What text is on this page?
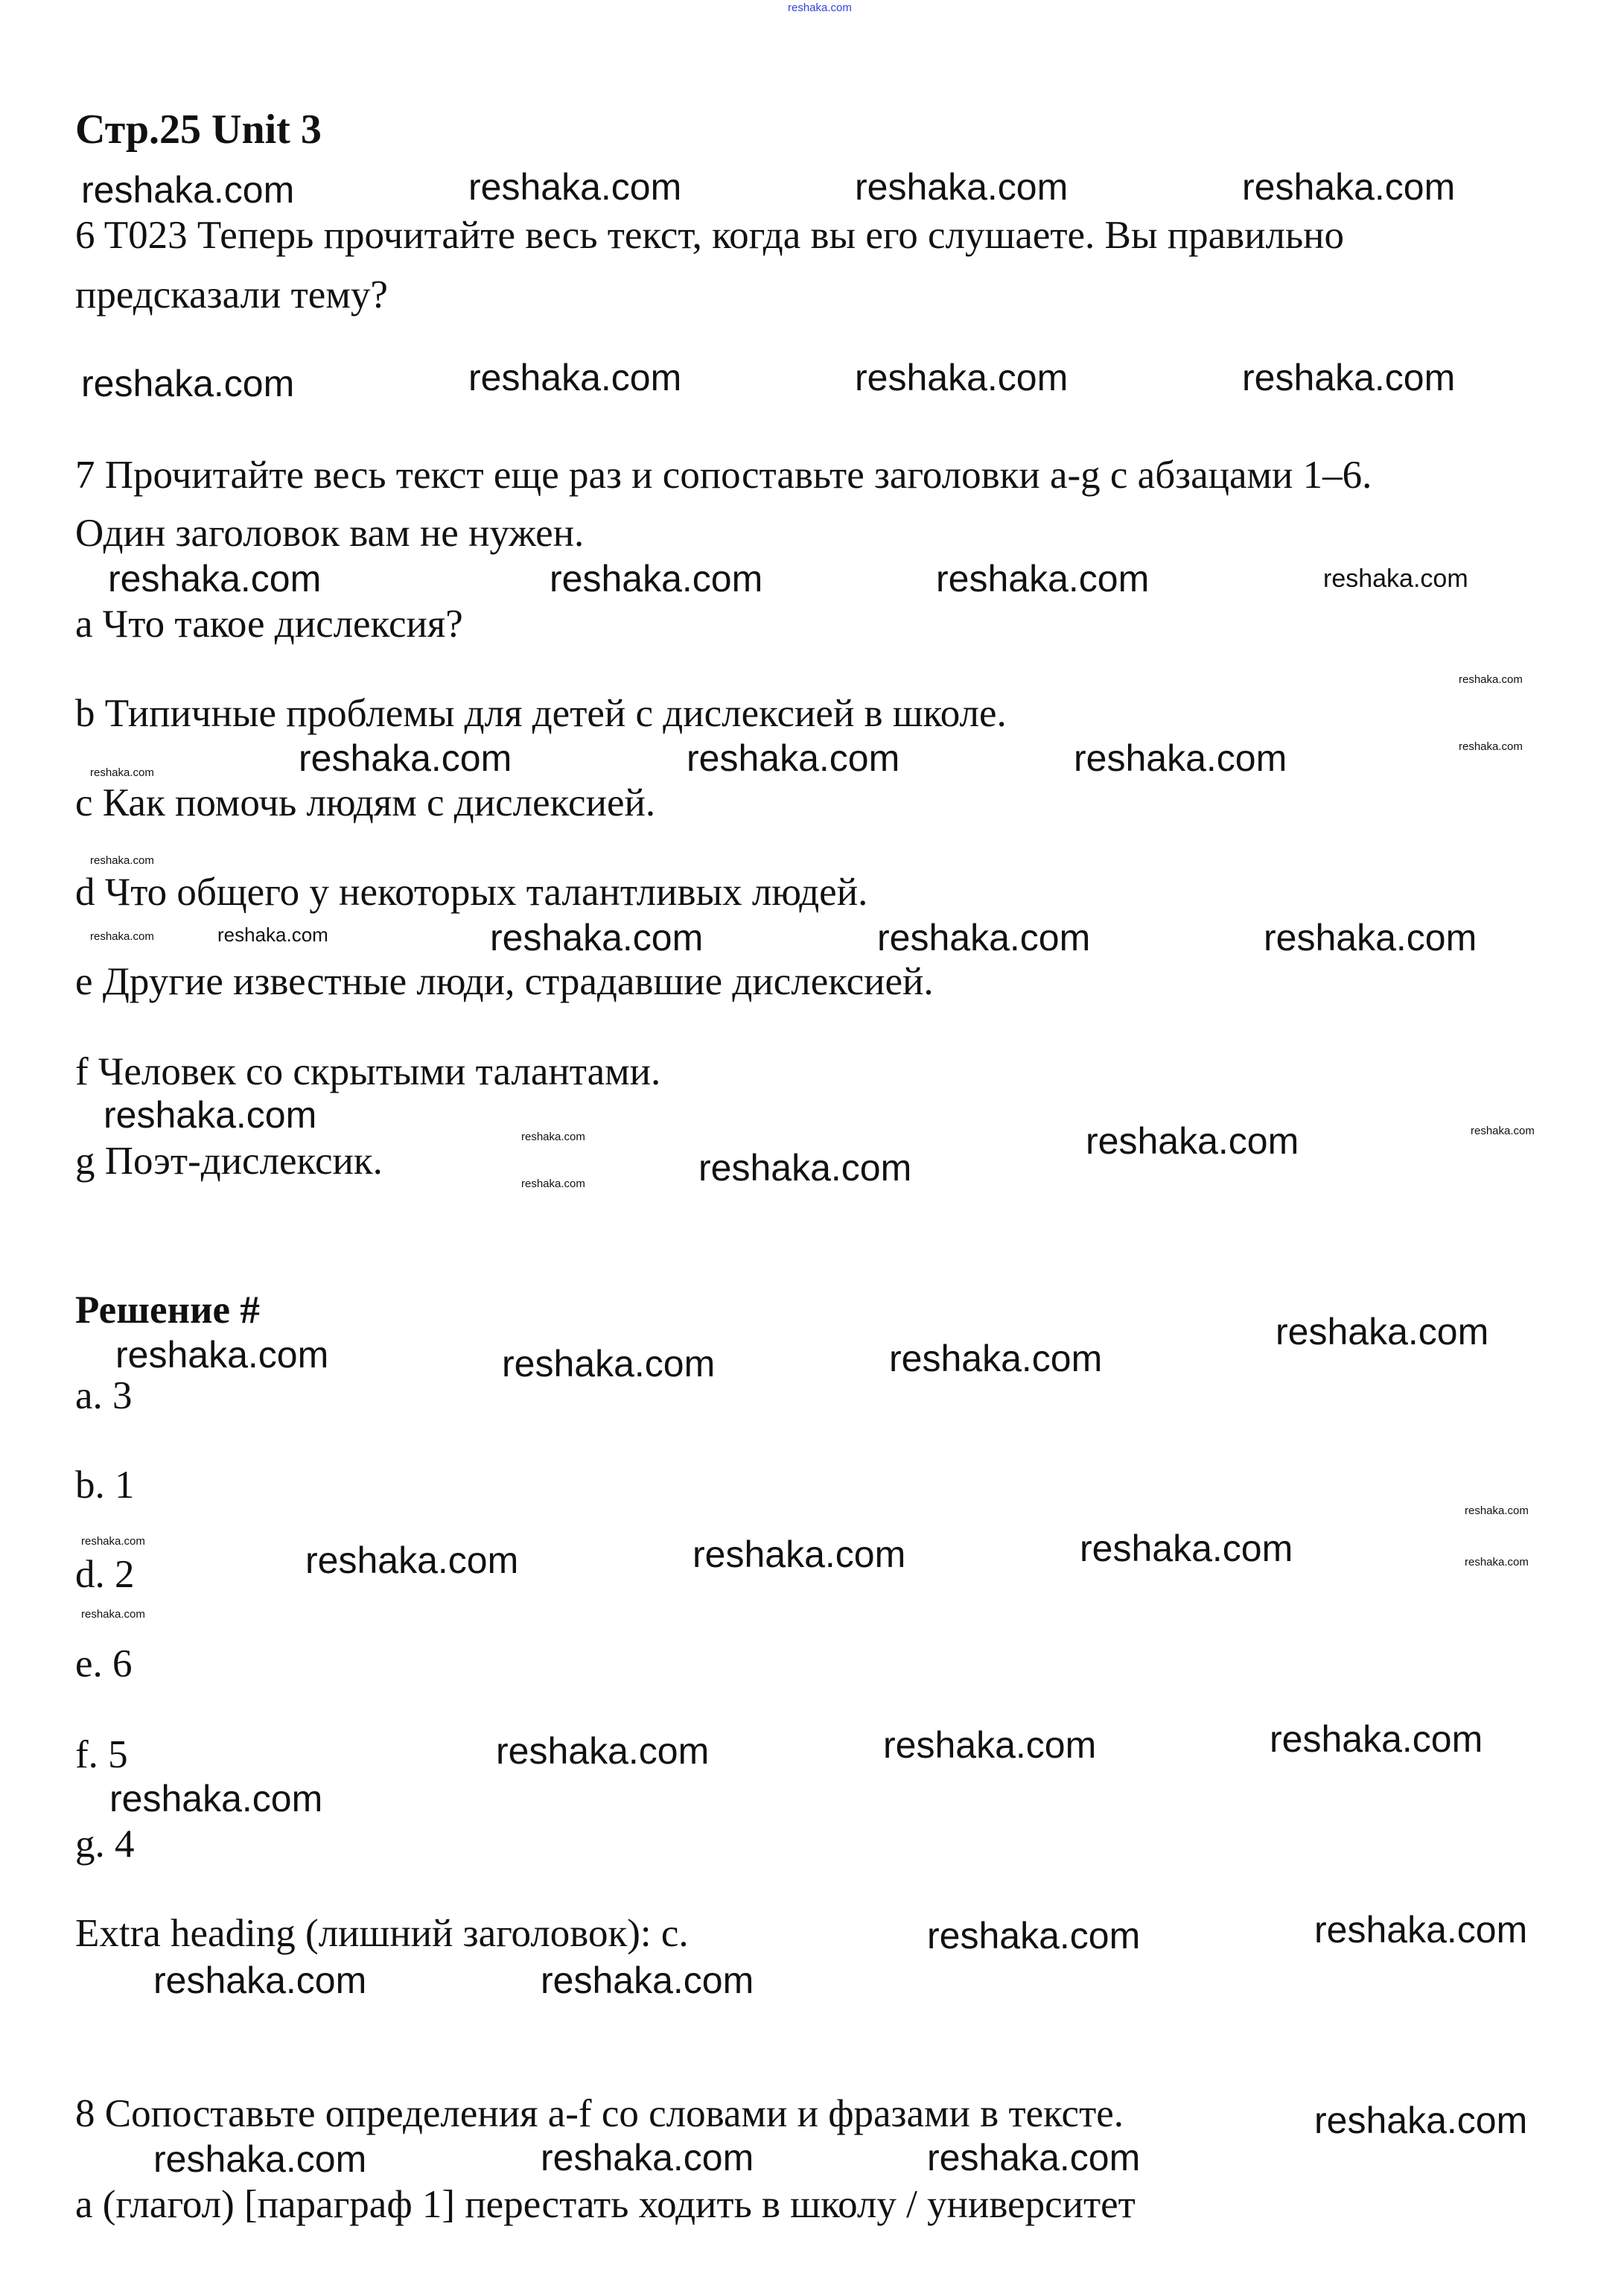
reshaka.com
Стр.25 Unit 3
6 T023 Теперь прочитайте весь текст, когда вы его слушаете. Вы правильно
предсказали тему?
7 Прочитайте весь текст еще раз и сопоставьте заголовки a-g с абзацами 1–6.
Один заголовок вам не нужен.
a Что такое дислексия?
b Типичные проблемы для детей с дислексией в школе.
c Как помочь людям с дислексией.
d Что общего у некоторых талантливых людей.
e Другие известные люди, страдавшие дислексией.
f Человек со скрытыми талантами.
g Поэт-дислексик.
Решение #
a. 3
b. 1
d. 2
e. 6
f. 5
g. 4
Extra heading (лишний заголовок): c.
8 Сопоставьте определения a-f со словами и фразами в тексте.
a (глагол) [параграф 1] перестать ходить в школу / университет
reshaka.com	reshaka.com	reshaka.com	reshaka.com
reshaka.com	reshaka.com	reshaka.com	reshaka.com
reshaka.com	reshaka.com	reshaka.com	reshaka.com
reshaka.com
reshaka.com
reshaka.com	reshaka.com	reshaka.com	reshaka.com
reshaka.com
reshaka.com	reshaka.com	reshaka.com	reshaka.com	reshaka.com
reshaka.com
reshaka.com
reshaka.com	reshaka.com
reshaka.com	reshaka.com
reshaka.com	reshaka.com	reshaka.com
reshaka.com
reshaka.com
reshaka.com
reshaka.com
reshaka.com
reshaka.com	reshaka.com	reshaka.com
reshaka.com	reshaka.com	reshaka.com
reshaka.com
reshaka.com	reshaka.com
reshaka.com	reshaka.com
reshaka.com
reshaka.com	reshaka.com	reshaka.com
